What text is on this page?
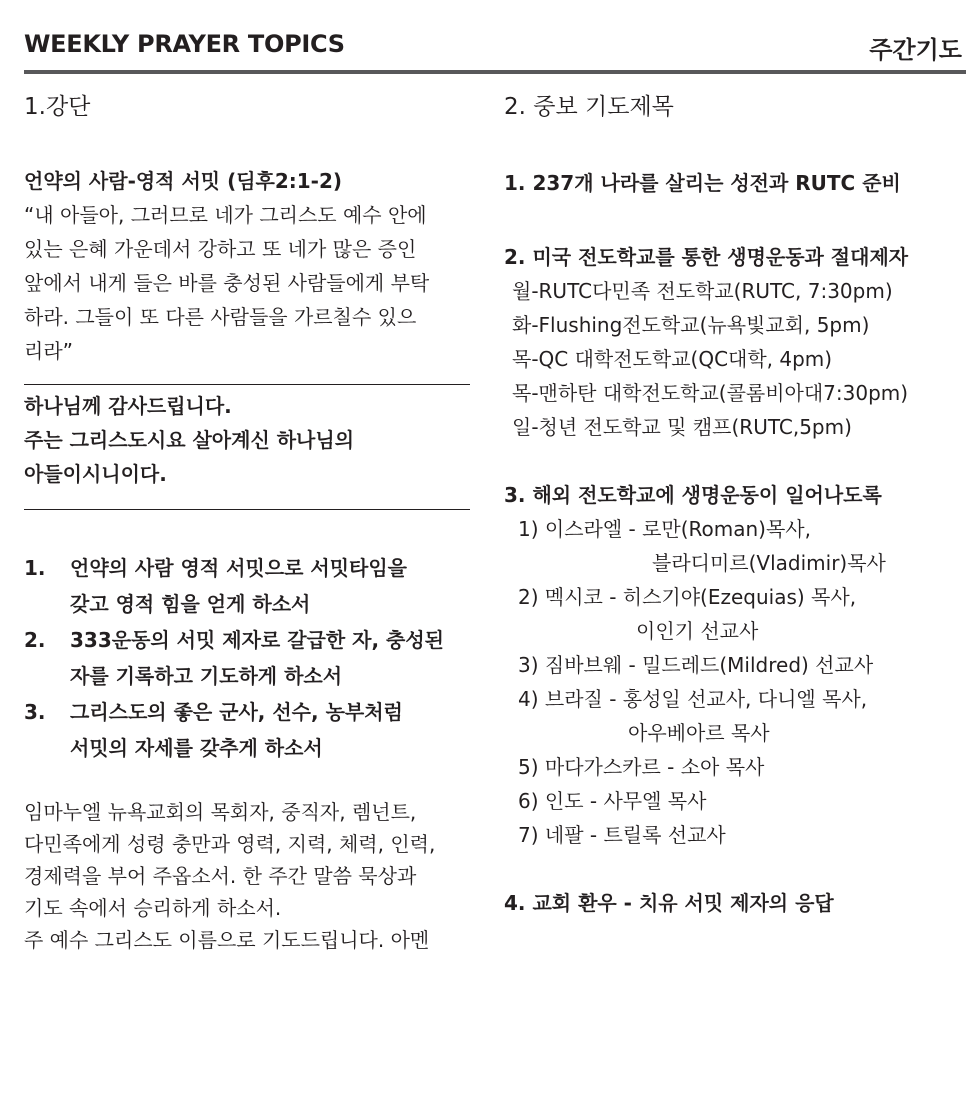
WEEKLY PRAYER TOPICS	주간기도
1.강단
언약의 사람-영적 서밋 (딤후2:1-2)
“내 아들아, 그러므로 네가 그리스도 예수 안에
있는 은혜 가운데서 강하고 또 네가 많은 증인
앞에서 내게 들은 바를 충성된 사람들에게 부탁
하라. 그들이 또 다른 사람들을 가르칠수 있으
리라”
하나님께 감사드립니다.
주는 그리스도시요 살아계신 하나님의
아들이시니이다.
1.	언약의 사람 영적 서밋으로 서밋타임을
갖고 영적 힘을 얻게 하소서
2.	333운동의 서밋 제자로 갈급한 자, 충성된
자를 기록하고 기도하게 하소서
3.	그리스도의 좋은 군사, 선수, 농부처럼
서밋의 자세를 갖추게 하소서
임마누엘 뉴욕교회의 목회자, 중직자, 렘넌트,
다민족에게 성령 충만과 영력, 지력, 체력, 인력,
경제력을 부어 주옵소서. 한 주간 말씀 묵상과
기도 속에서 승리하게 하소서.
주 예수 그리스도 이름으로 기도드립니다. 아멘
2. 중보 기도제목
1. 237개 나라를 살리는 성전과 RUTC 준비
2. 미국 전도학교를 통한 생명운동과 절대제자
월-RUTC다민족 전도학교(RUTC, 7:30pm)
화-Flushing전도학교(뉴욕빛교회, 5pm)
목-QC 대학전도학교(QC대학, 4pm)
목-맨하탄 대학전도학교(콜롬비아대7:30pm)
일-청년 전도학교 및 캠프(RUTC,5pm)
3. 해외 전도학교에 생명운동이 일어나도록
1) 이스라엘 - 로만(Roman)목사,
블라디미르(Vladimir)목사
2) 멕시코 - 히스기야(Ezequias) 목사,
이인기 선교사
3) 짐바브웨 - 밀드레드(Mildred) 선교사
4) 브라질 - 홍성일 선교사, 다니엘 목사,
아우베아르 목사
5) 마다가스카르 - 소아 목사
6) 인도 - 사무엘 목사
7) 네팔 - 트릴록 선교사
4. 교회 환우 - 치유 서밋 제자의 응답
